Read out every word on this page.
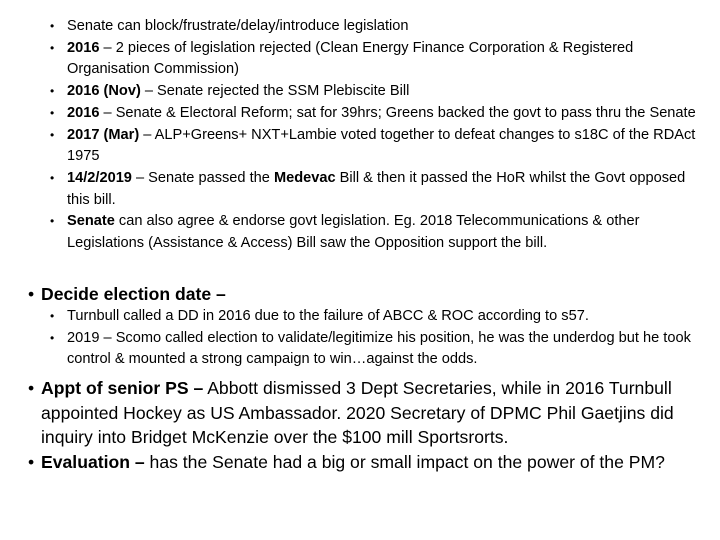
• Senate can block/frustrate/delay/introduce legislation
• 2016 – 2 pieces of legislation rejected (Clean Energy Finance Corporation & Registered Organisation Commission)
• 2016 (Nov) – Senate rejected the SSM Plebiscite Bill
• 2016 – Senate & Electoral Reform; sat for 39hrs; Greens backed the govt to pass thru the Senate
• 2017 (Mar) – ALP+Greens+ NXT+Lambie voted together to defeat changes to s18C of the RDAct 1975
• 14/2/2019 – Senate passed the Medevac Bill & then it passed the HoR whilst the Govt opposed this bill.
• Senate can also agree & endorse govt legislation. Eg. 2018 Telecommunications & other Legislations (Assistance & Access) Bill saw the Opposition support the bill.
• Decide election date –
• Turnbull called a DD in 2016 due to the failure of ABCC & ROC according to s57.
• 2019 – Scomo called election to validate/legitimize his position, he was the underdog but he took control & mounted a strong campaign to win…against the odds.
• Appt of senior PS – Abbott dismissed 3 Dept Secretaries, while in 2016 Turnbull appointed Hockey as US Ambassador. 2020 Secretary of DPMC Phil Gaetjins did inquiry into Bridget McKenzie over the $100 mill Sportsrorts.
• Evaluation – has the Senate had a big or small impact on the power of the PM?
